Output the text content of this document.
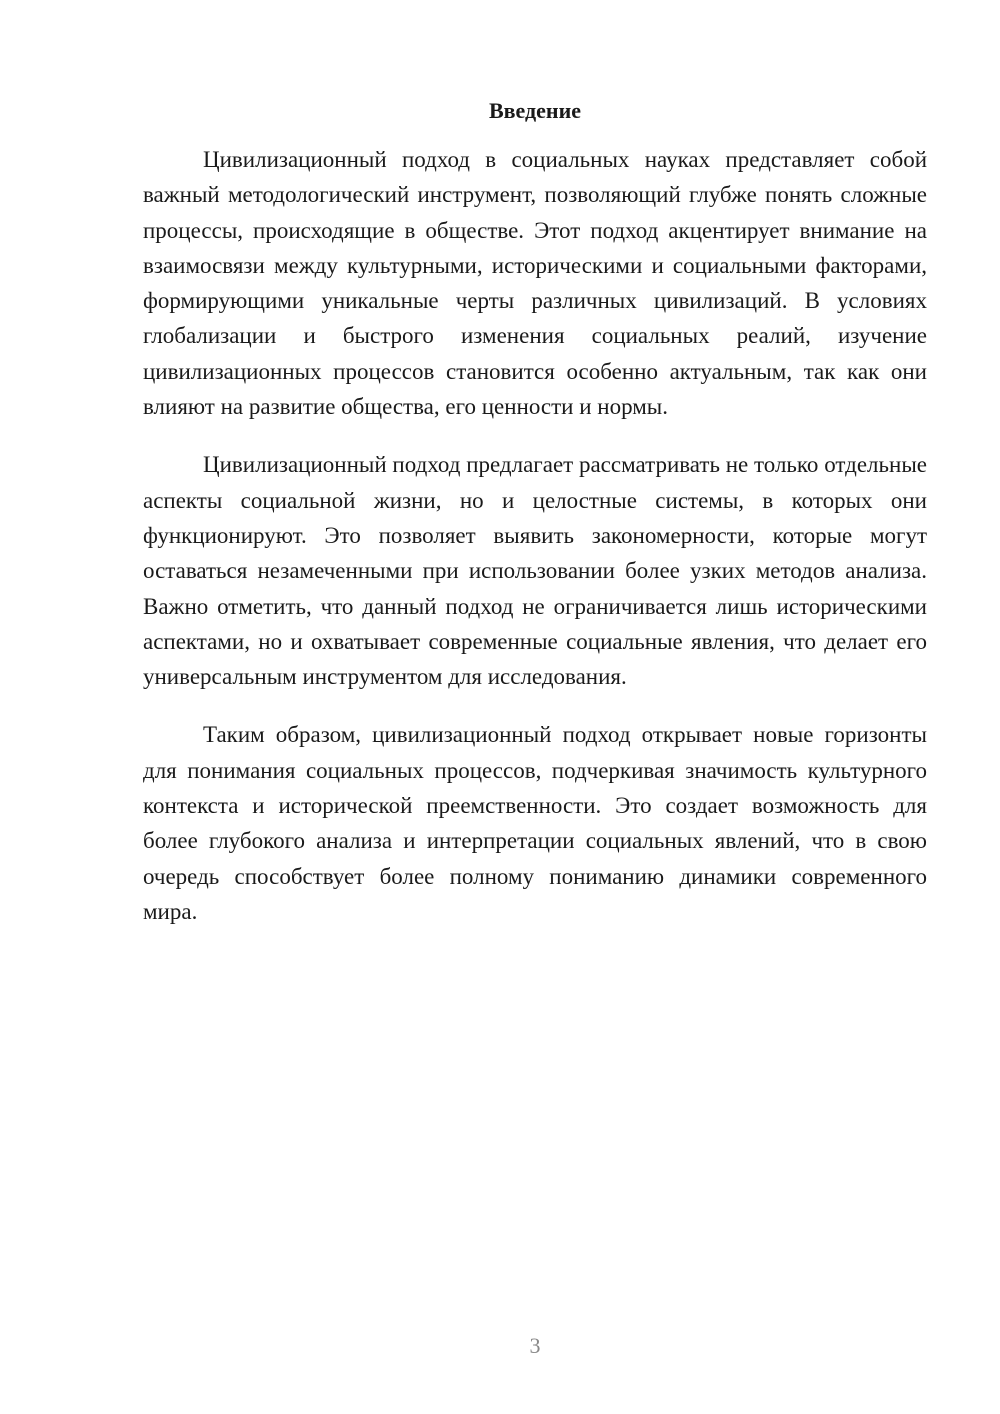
Введение

Цивилизационный подход в социальных науках представляет собой важный методологический инструмент, позволяющий глубже понять сложные процессы, происходящие в обществе. Этот подход акцентирует внимание на взаимосвязи между культурными, историческими и социальными факторами, формирующими уникальные черты различных цивилизаций. В условиях глобализации и быстрого изменения социальных реалий, изучение цивилизационных процессов становится особенно актуальным, так как они влияют на развитие общества, его ценности и нормы.

Цивилизационный подход предлагает рассматривать не только отдельные аспекты социальной жизни, но и целостные системы, в которых они функционируют. Это позволяет выявить закономерности, которые могут оставаться незамеченными при использовании более узких методов анализа. Важно отметить, что данный подход не ограничивается лишь историческими аспектами, но и охватывает современные социальные явления, что делает его универсальным инструментом для исследования.

Таким образом, цивилизационный подход открывает новые горизонты для понимания социальных процессов, подчеркивая значимость культурного контекста и исторической преемственности. Это создает возможность для более глубокого анализа и интерпретации социальных явлений, что в свою очередь способствует более полному пониманию динамики современного мира.

3
